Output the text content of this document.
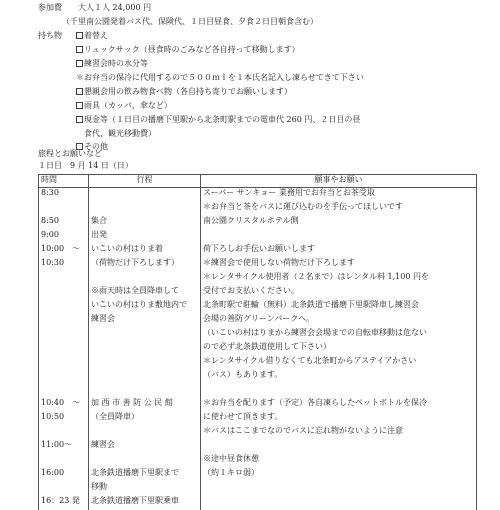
参加費 大人１人 24,000 円
（千里南公園発着バス代、保険代、１日目昼食、夕食２日目朝食含む）
持ち物	着替え
リュックサック（昼食時のごみなど各自持って移動します）
練習会時の水分等
＊お弁当の保冷に代用するので５００ｍｌを１本氏名記入し凍らせてきて下さい
懇親会用の飲み物食べ物（各自持ち寄りでお願いします）
雨具（カッパ、傘など）
現金等（１日目の播磨下里駅から北条町駅までの電車代 260 円、２日目の昼
食代、観光移動費）
その他
旅程とお願いなど
１日目　9 月 14 日（日）
時間	行程	願事やお願い
8:30		スーパー サンキョー 業務用でお弁当とお茶受取
		＊お弁当と茶をバスに運び込むのを手伝ってほしいです
8:50	集合	南公園クリスタルホテル側
9:00	出発	
10:00　～	いこいの村はりま着	荷下ろしお手伝いお願いします
10:30	（荷物だけ下ろします）	＊練習会で使用しない荷物だけ下ろします
		＊レンタサイクル使用者（２名まで）はレンタル料 1,100 円を
	※雨天時は全員降車して	受付でお支払いください。
	いこいの村はりま敷地内で	北条町駅で駐輪（無料）北条鉄道で播磨下里駅降車し練習会
	練習会	会場の善防グリーンパークへ。
		（いこいの村はりまから練習会会場までの自転車移動は危ない
		ので必ず北条鉄道使用して下さい）
		＊レンタサイクル借りなくても北条町からアステイアかさい
		（バス）もあります。

10:40　～	加 西 市 善 防 公 民 館	＊お弁当を配ります（予定）各自凍らしたペットボトルを保冷
10:50	（全員降車）	に使わせて頂きます。
		＊バスはここまでなのでバスに忘れ物がないように注意
11:00～	練習会	
		※途中昼食休憩
16:00	北条鉄道播磨下里駅まで	（約１キロ弱）
	移動	
16：23 発	北条鉄道播磨下里駅乗車	
